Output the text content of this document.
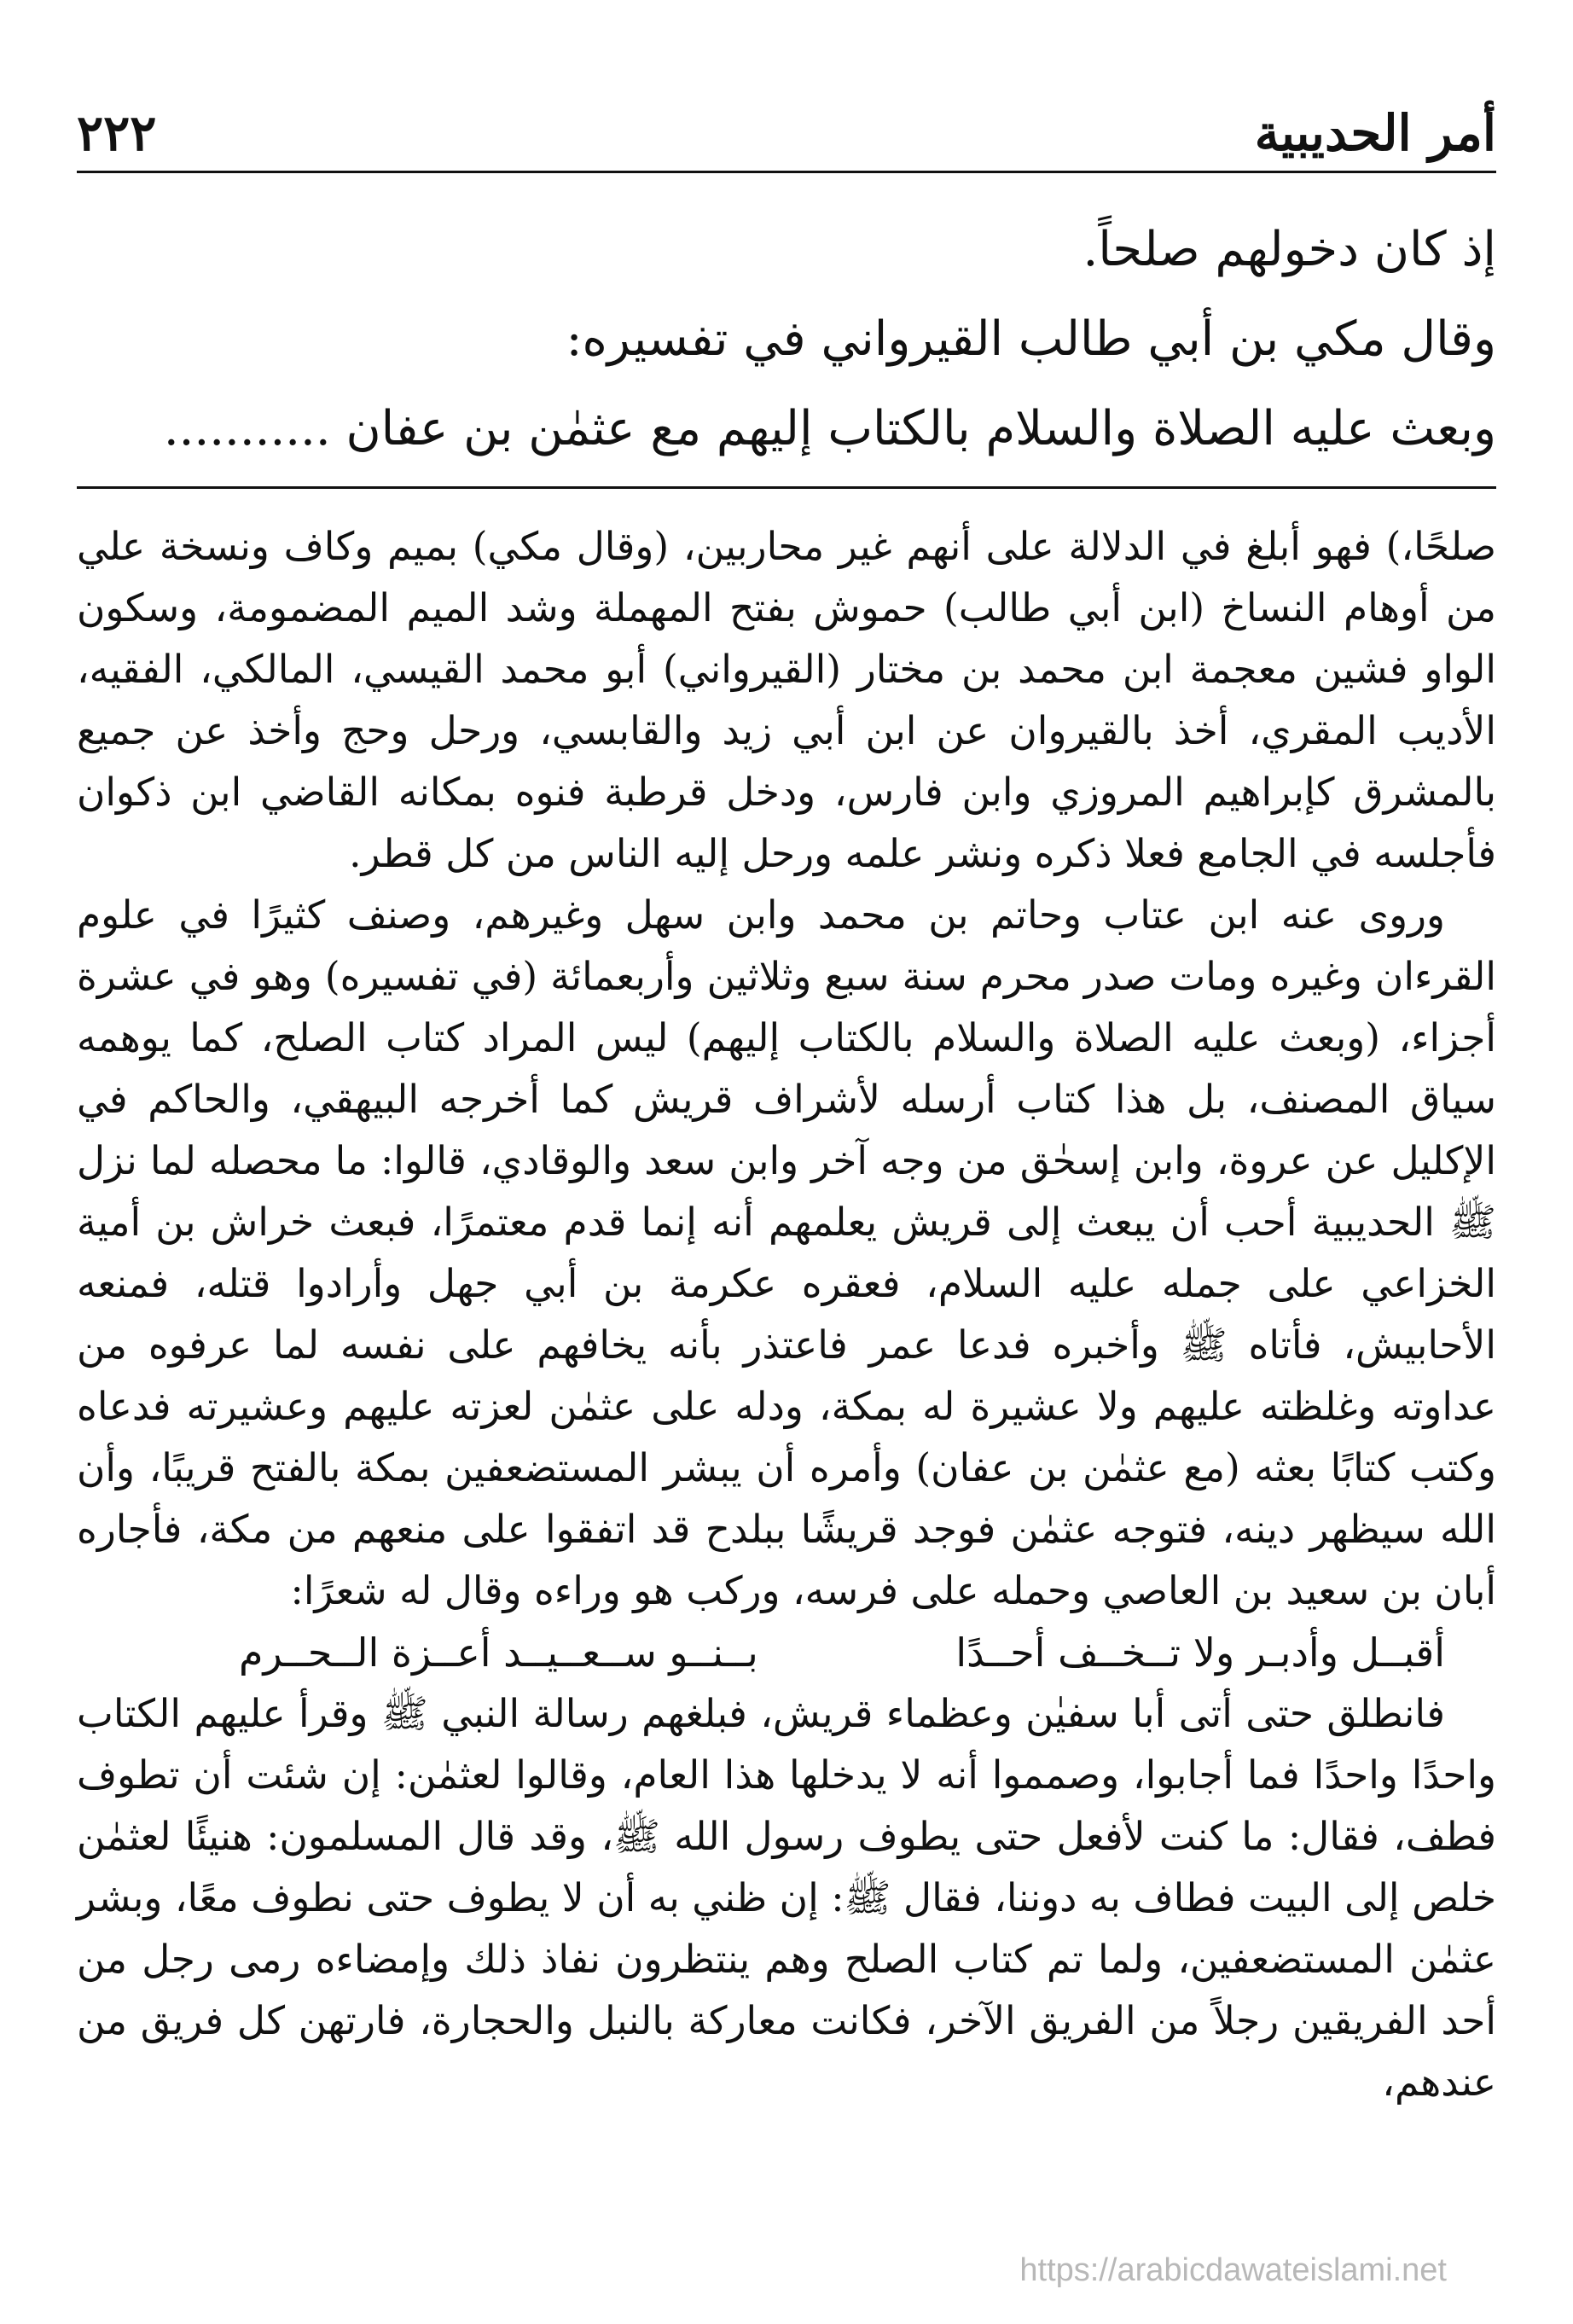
أمر الحديبية
٢٢٢

إذ كان دخولهم صلحاً.

وقال مكي بن أبي طالب القيرواني في تفسيره:

وبعث عليه الصلاة والسلام بالكتاب إليهم مع عثمٰن بن عفان ...........

صلحًا،) فهو أبلغ في الدلالة على أنهم غير محاربين، (وقال مكي) بميم وكاف ونسخة علي من أوهام النساخ (ابن أبي طالب) حموش بفتح المهملة وشد الميم المضمومة، وسكون الواو فشين معجمة ابن محمد بن مختار (القيرواني) أبو محمد القيسي، المالكي، الفقيه، الأديب المقري، أخذ بالقيروان عن ابن أبي زيد والقابسي، ورحل وحج وأخذ عن جميع بالمشرق كإبراهيم المروزي وابن فارس، ودخل قرطبة فنوه بمكانه القاضي ابن ذكوان فأجلسه في الجامع فعلا ذكره ونشر علمه ورحل إليه الناس من كل قطر.

وروى عنه ابن عتاب وحاتم بن محمد وابن سهل وغيرهم، وصنف كثيرًا في علوم القرءان وغيره ومات صدر محرم سنة سبع وثلاثين وأربعمائة (في تفسيره) وهو في عشرة أجزاء، (وبعث عليه الصلاة والسلام بالكتاب إليهم) ليس المراد كتاب الصلح، كما يوهمه سياق المصنف، بل هذا كتاب أرسله لأشراف قريش كما أخرجه البيهقي، والحاكم في الإكليل عن عروة، وابن إسحٰق من وجه آخر وابن سعد والوقادي، قالوا: ما محصله لما نزل ﷺ الحديبية أحب أن يبعث إلى قريش يعلمهم أنه إنما قدم معتمرًا، فبعث خراش بن أمية الخزاعي على جمله عليه السلام، فعقره عكرمة بن أبي جهل وأرادوا قتله، فمنعه الأحابيش، فأتاه ﷺ وأخبره فدعا عمر فاعتذر بأنه يخافهم على نفسه لما عرفوه من عداوته وغلظته عليهم ولا عشيرة له بمكة، ودله على عثمٰن لعزته عليهم وعشيرته فدعاه وكتب كتابًا بعثه (مع عثمٰن بن عفان) وأمره أن يبشر المستضعفين بمكة بالفتح قريبًا، وأن الله سيظهر دينه، فتوجه عثمٰن فوجد قريشًا ببلدح قد اتفقوا على منعهم من مكة، فأجاره أبان بن سعيد بن العاصي وحمله على فرسه، وركب هو وراءه وقال له شعرًا:

أقبــل وأدبـر ولا تــخــف أحــدًا
بــنــو ســعــيــد أعــزة الــحــرم

فانطلق حتى أتى أبا سفيٰن وعظماء قريش، فبلغهم رسالة النبي ﷺ وقرأ عليهم الكتاب واحدًا واحدًا فما أجابوا، وصمموا أنه لا يدخلها هذا العام، وقالوا لعثمٰن: إن شئت أن تطوف فطف، فقال: ما كنت لأفعل حتى يطوف رسول الله ﷺ، وقد قال المسلمون: هنيئًا لعثمٰن خلص إلى البيت فطاف به دوننا، فقال ﷺ: إن ظني به أن لا يطوف حتى نطوف معًا، وبشر عثمٰن المستضعفين، ولما تم كتاب الصلح وهم ينتظرون نفاذ ذلك وإمضاءه رمى رجل من أحد الفريقين رجلاً من الفريق الآخر، فكانت معاركة بالنبل والحجارة، فارتهن كل فريق من عندهم،

https://arabicdawateislami.net
